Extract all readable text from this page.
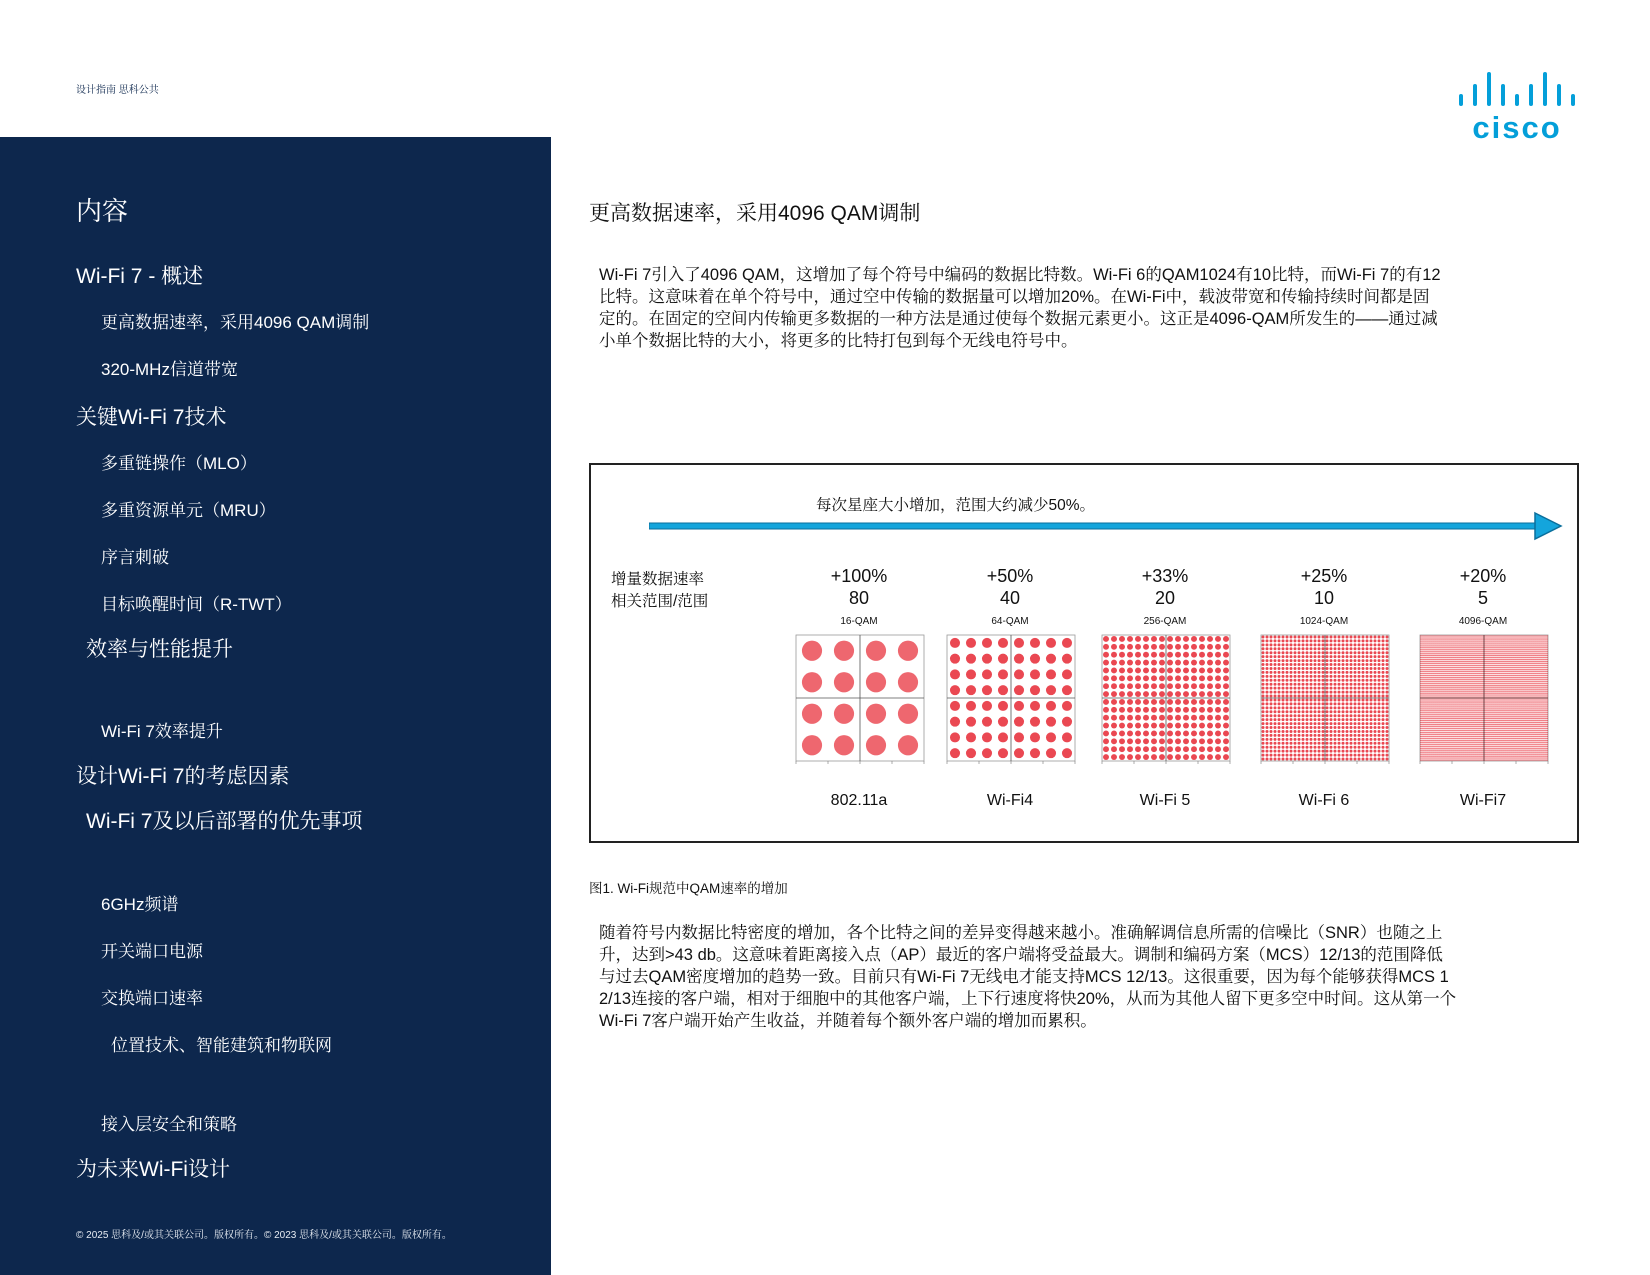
设计指南 思科公共
cisco
内容
Wi-Fi 7 - 概述
更高数据速率，采用4096 QAM调制
320-MHz信道带宽
关键Wi-Fi 7技术
多重链操作（MLO）
多重资源单元（MRU）
序言刺破
目标唤醒时间（R-TWT）
效率与性能提升
Wi-Fi 7效率提升
设计Wi-Fi 7的考虑因素
Wi-Fi 7及以后部署的优先事项
6GHz频谱
开关端口电源
交换端口速率
位置技术、智能建筑和物联网
接入层安全和策略
为未来Wi-Fi设计
© 2025 思科及/或其关联公司。版权所有。© 2023 思科及/或其关联公司。版权所有。
更高数据速率，采用4096 QAM调制
Wi-Fi 7引入了4096 QAM，这增加了每个符号中编码的数据比特数。Wi-Fi 6的QAM1024有10比特，而Wi-Fi 7的有12
比特。这意味着在单个符号中，通过空中传输的数据量可以增加20%。在Wi-Fi中，载波带宽和传输持续时间都是固
定的。在固定的空间内传输更多数据的一种方法是通过使每个数据元素更小。这正是4096-QAM所发生的——通过减
小单个数据比特的大小，将更多的比特打包到每个无线电符号中。
每次星座大小增加，范围大约减少50%。
增量数据速率
相关范围/范围
+100%
80
16-QAM
802.11a
+50%
40
64-QAM
Wi-Fi4
+33%
20
256-QAM
Wi-Fi 5
+25%
10
1024-QAM
Wi-Fi 6
+20%
5
4096-QAM
Wi-Fi7
图1. Wi-Fi规范中QAM速率的增加
随着符号内数据比特密度的增加，各个比特之间的差异变得越来越小。准确解调信息所需的信噪比（SNR）也随之上
升，达到>43 db。这意味着距离接入点（AP）最近的客户端将受益最大。调制和编码方案（MCS）12/13的范围降低
与过去QAM密度增加的趋势一致。目前只有Wi-Fi 7无线电才能支持MCS 12/13。这很重要，因为每个能够获得MCS 1
2/13连接的客户端，相对于细胞中的其他客户端，上下行速度将快20%，从而为其他人留下更多空中时间。这从第一个
Wi-Fi 7客户端开始产生收益，并随着每个额外客户端的增加而累积。
